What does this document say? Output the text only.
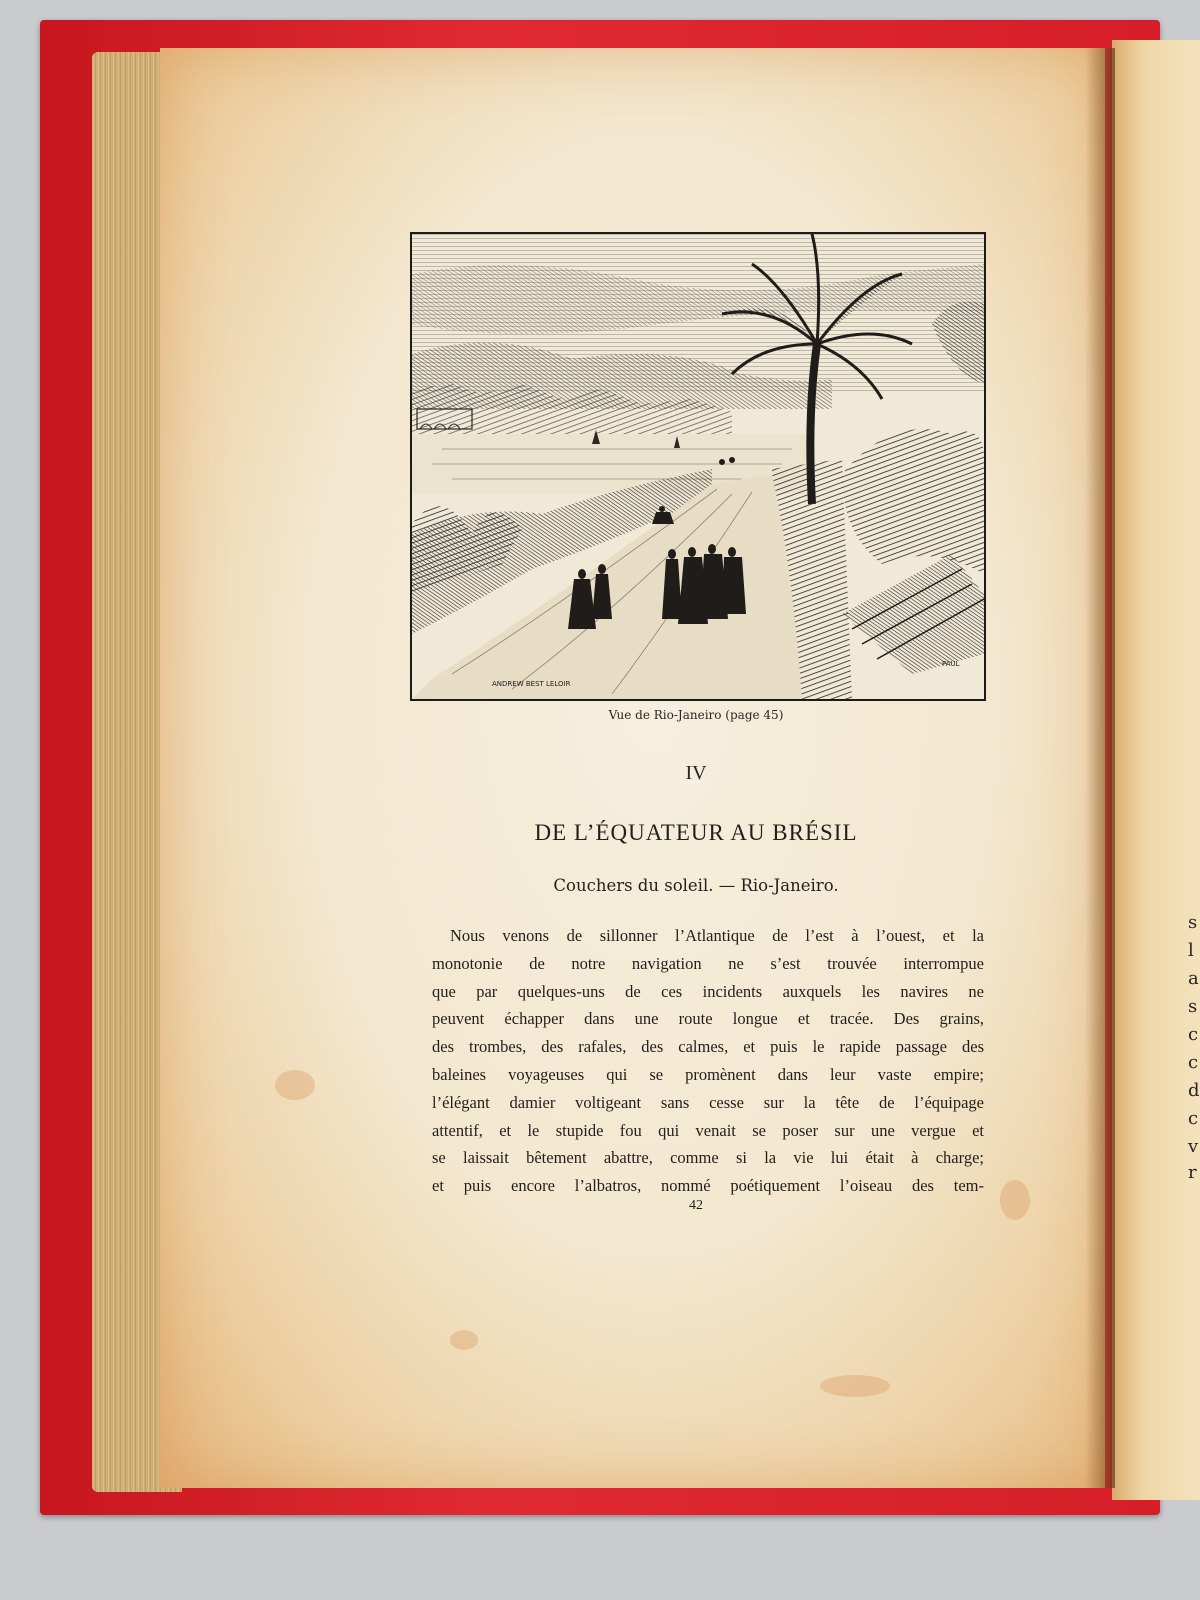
s
l
a
s
c
c
d
c
v
r
ANDREW BEST LELOIR
PAUL
Vue de Rio-Janeiro (page 45)
IV
DE L’ÉQUATEUR AU BRÉSIL
Couchers du soleil. — Rio-Janeiro.
Nous venons de sillonner l’Atlantique de l’est à l’ouest, et la
monotonie de notre navigation ne s’est trouvée interrompue
que par quelques-uns de ces incidents auxquels les navires ne
peuvent échapper dans une route longue et tracée. Des grains,
des trombes, des rafales, des calmes, et puis le rapide passage des
baleines voyageuses qui se promènent dans leur vaste empire;
l’élégant damier voltigeant sans cesse sur la tête de l’équipage
attentif, et le stupide fou qui venait se poser sur une vergue et
se laissait bêtement abattre, comme si la vie lui était à charge;
et puis encore l’albatros, nommé poétiquement l’oiseau des tem-
42
